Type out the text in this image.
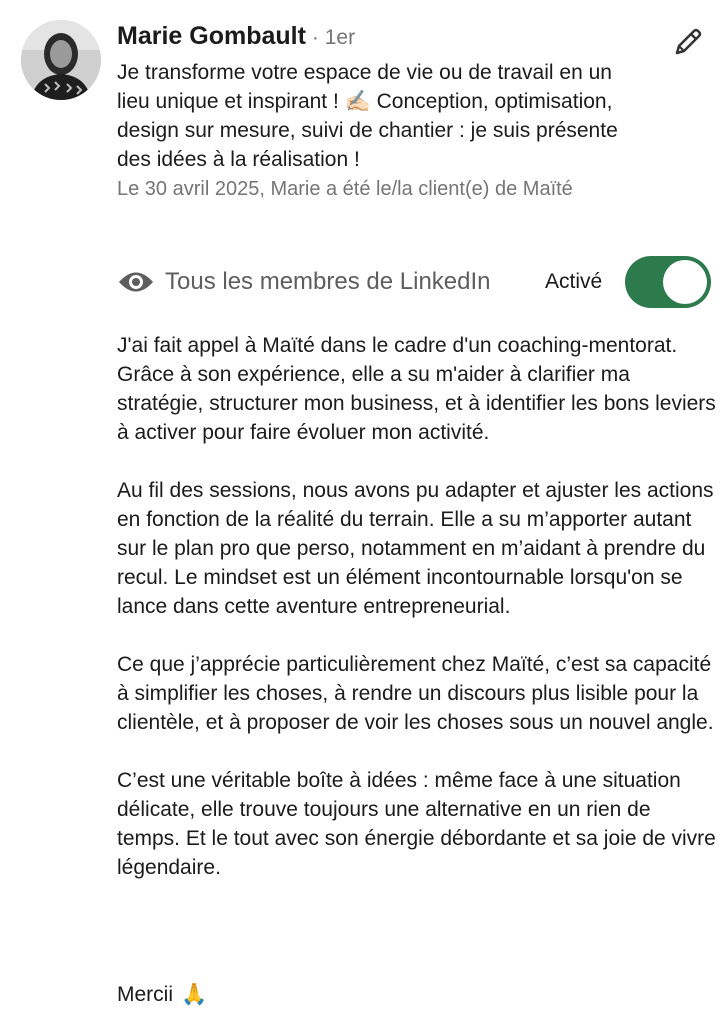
Marie Gombault · 1er
Je transforme votre espace de vie ou de travail en un lieu unique et inspirant ! ✍🏻 Conception, optimisation, design sur mesure, suivi de chantier : je suis présente des idées à la réalisation !
Le 30 avril 2025, Marie a été le/la client(e) de Maïté
Tous les membres de LinkedIn	Activé

J'ai fait appel à Maïté dans le cadre d'un coaching-mentorat. Grâce à son expérience, elle a su m'aider à clarifier ma stratégie, structurer mon business, et à identifier les bons leviers à activer pour faire évoluer mon activité.

Au fil des sessions, nous avons pu adapter et ajuster les actions en fonction de la réalité du terrain. Elle a su m’apporter autant sur le plan pro que perso, notamment en m’aidant à prendre du recul. Le mindset est un élément incontournable lorsqu'on se lance dans cette aventure entrepreneurial.

Ce que j’apprécie particulièrement chez Maïté, c’est sa capacité à simplifier les choses, à rendre un discours plus lisible pour la clientèle, et à proposer de voir les choses sous un nouvel angle.

C’est une véritable boîte à idées : même face à une situation délicate, elle trouve toujours une alternative en un rien de temps. Et le tout avec son énergie débordante et sa joie de vivre légendaire.

Mercii 🙏
